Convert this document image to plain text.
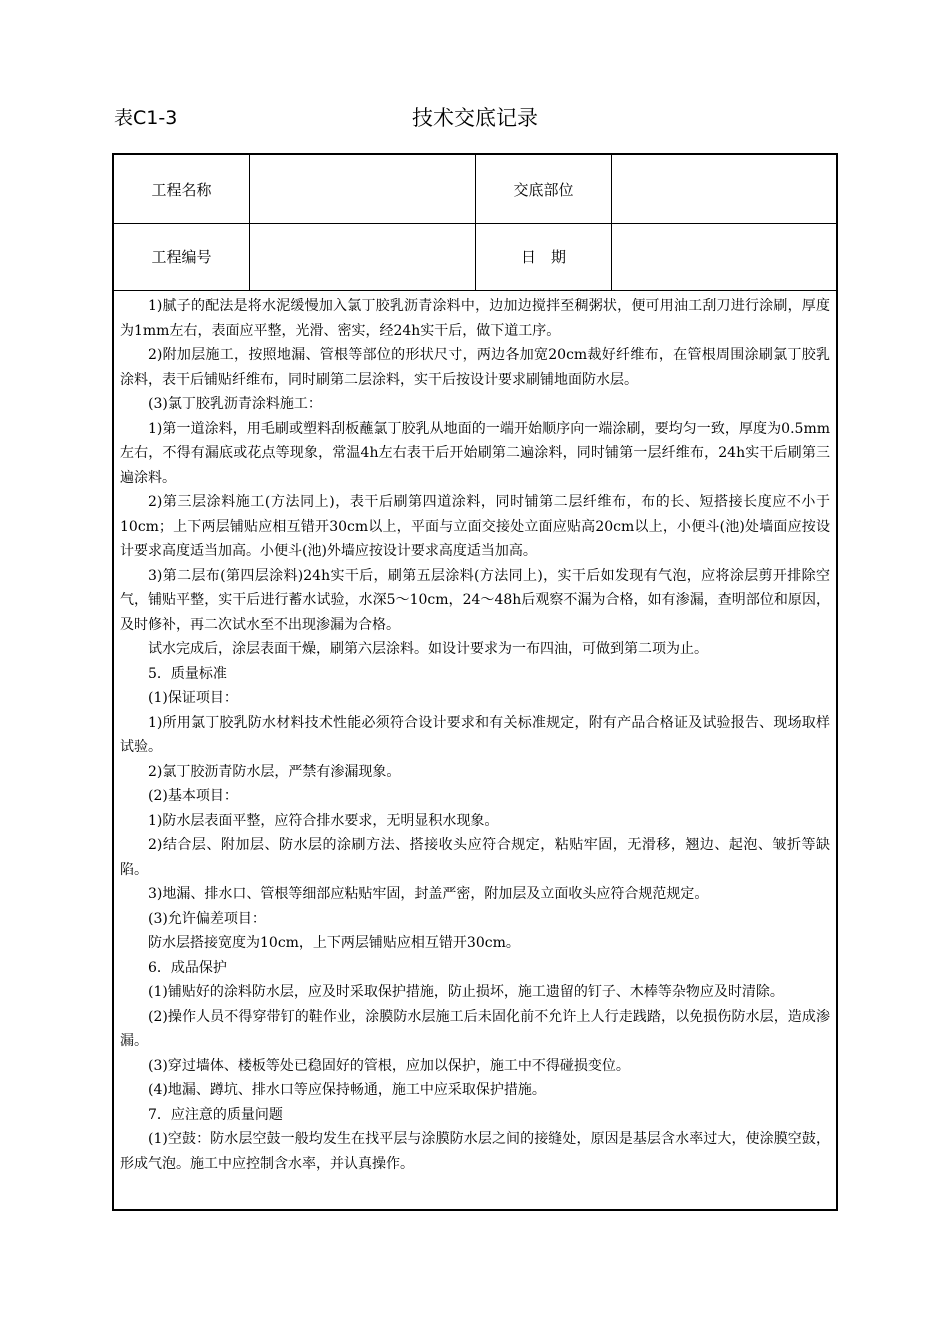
表C1-3	技术交底记录
工程名称	交底部位
工程编号	日　期

1)腻子的配法是将水泥缓慢加入氯丁胶乳沥青涂料中，边加边搅拌至稠粥状，便可用油工刮刀进行涂刷，厚度为1mm左右，表面应平整，光滑、密实，经24h实干后，做下道工序。

2)附加层施工，按照地漏、管根等部位的形状尺寸，两边各加宽20cm裁好纤维布，在管根周围涂刷氯丁胶乳涂料，表干后铺贴纤维布，同时刷第二层涂料，实干后按设计要求刷铺地面防水层。

(3)氯丁胶乳沥青涂料施工：

1)第一道涂料，用毛刷或塑料刮板蘸氯丁胶乳从地面的一端开始顺序向一端涂刷，要均匀一致，厚度为0.5mm左右，不得有漏底或花点等现象，常温4h左右表干后开始刷第二遍涂料，同时铺第一层纤维布，24h实干后刷第三遍涂料。

2)第三层涂料施工(方法同上)，表干后刷第四道涂料，同时铺第二层纤维布，布的长、短搭接长度应不小于10cm；上下两层铺贴应相互错开30cm以上，平面与立面交接处立面应贴高20cm以上，小便斗(池)处墙面应按设计要求高度适当加高。小便斗(池)外墙应按设计要求高度适当加高。

3)第二层布(第四层涂料)24h实干后，刷第五层涂料(方法同上)，实干后如发现有气泡，应将涂层剪开排除空气，铺贴平整，实干后进行蓄水试验，水深5～10cm，24～48h后观察不漏为合格，如有渗漏，查明部位和原因，及时修补，再二次试水至不出现渗漏为合格。

试水完成后，涂层表面干燥，刷第六层涂料。如设计要求为一布四油，可做到第二项为止。

5．质量标准

(1)保证项目：

1)所用氯丁胶乳防水材料技术性能必须符合设计要求和有关标准规定，附有产品合格证及试验报告、现场取样试验。

2)氯丁胶沥青防水层，严禁有渗漏现象。

(2)基本项目：

1)防水层表面平整，应符合排水要求，无明显积水现象。

2)结合层、附加层、防水层的涂刷方法、搭接收头应符合规定，粘贴牢固，无滑移，翘边、起泡、皱折等缺陷。

3)地漏、排水口、管根等细部应粘贴牢固，封盖严密，附加层及立面收头应符合规范规定。

(3)允许偏差项目：

防水层搭接宽度为10cm，上下两层铺贴应相互错开30cm。

6．成品保护

(1)铺贴好的涂料防水层，应及时采取保护措施，防止损坏，施工遗留的钉子、木棒等杂物应及时清除。

(2)操作人员不得穿带钉的鞋作业，涂膜防水层施工后未固化前不允许上人行走践踏，以免损伤防水层，造成渗漏。

(3)穿过墙体、楼板等处已稳固好的管根，应加以保护，施工中不得碰损变位。

(4)地漏、蹲坑、排水口等应保持畅通，施工中应采取保护措施。

7．应注意的质量问题

(1)空鼓：防水层空鼓一般均发生在找平层与涂膜防水层之间的接缝处，原因是基层含水率过大，使涂膜空鼓，形成气泡。施工中应控制含水率，并认真操作。
